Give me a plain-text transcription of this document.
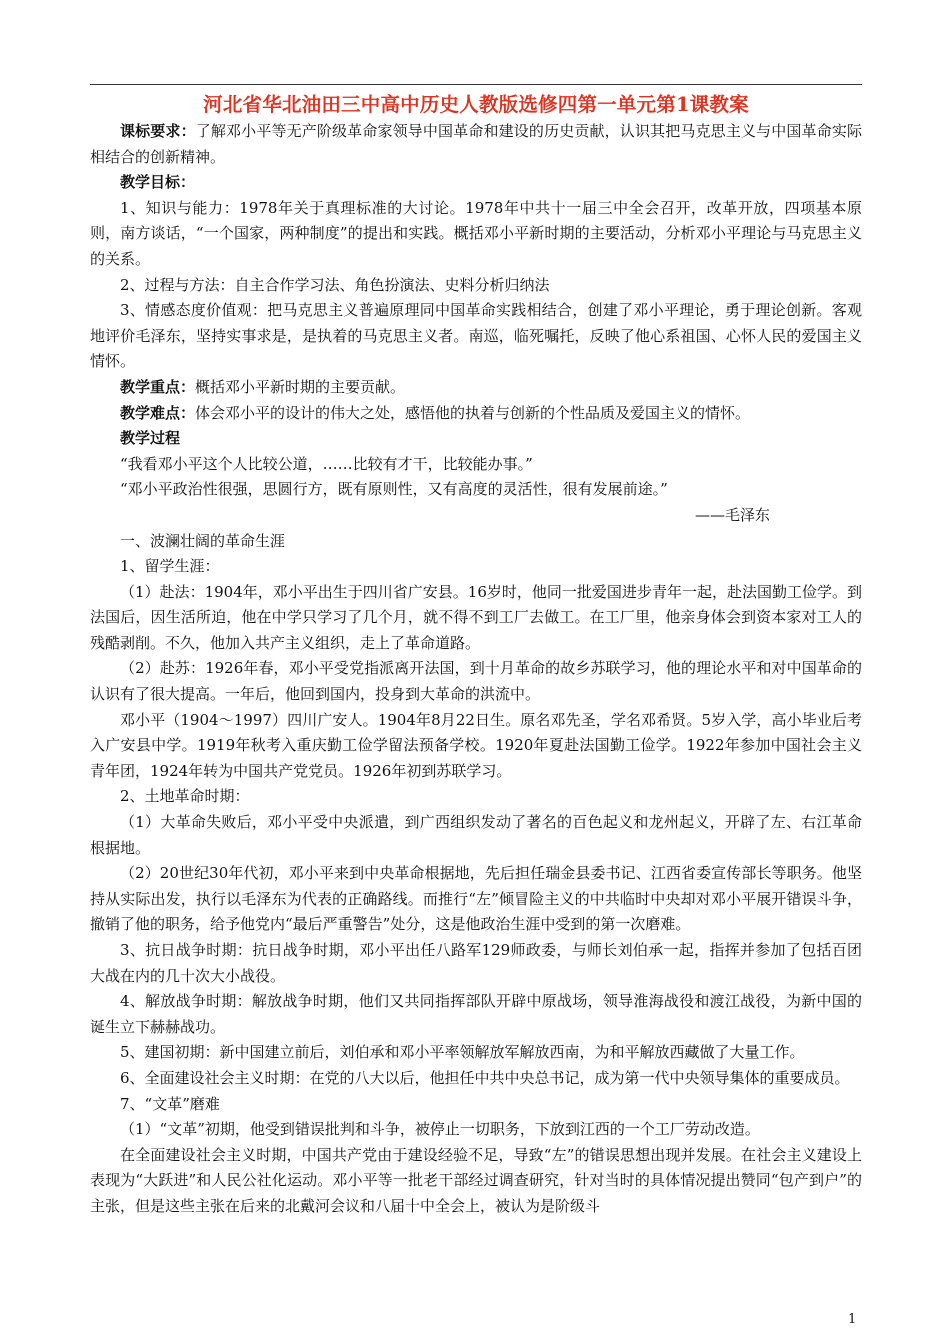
河北省华北油田三中高中历史人教版选修四第一单元第1课教案

课标要求：了解邓小平等无产阶级革命家领导中国革命和建设的历史贡献，认识其把马克思主义与中国革命实际相结合的创新精神。

教学目标：

1、知识与能力：1978年关于真理标准的大讨论。1978年中共十一届三中全会召开，改革开放，四项基本原则，南方谈话，“一个国家，两种制度”的提出和实践。概括邓小平新时期的主要活动，分析邓小平理论与马克思主义的关系。

2、过程与方法：自主合作学习法、角色扮演法、史料分析归纳法

3、情感态度价值观：把马克思主义普遍原理同中国革命实践相结合，创建了邓小平理论，勇于理论创新。客观地评价毛泽东，坚持实事求是，是执着的马克思主义者。南巡，临死嘱托，反映了他心系祖国、心怀人民的爱国主义情怀。

教学重点：概括邓小平新时期的主要贡献。

教学难点：体会邓小平的设计的伟大之处，感悟他的执着与创新的个性品质及爱国主义的情怀。

教学过程

“我看邓小平这个人比较公道，……比较有才干，比较能办事。”

“邓小平政治性很强，思圆行方，既有原则性，又有高度的灵活性，很有发展前途。”

——毛泽东

一、波澜壮阔的革命生涯

1、留学生涯：

（1）赴法：1904年，邓小平出生于四川省广安县。16岁时，他同一批爱国进步青年一起，赴法国勤工俭学。到法国后，因生活所迫，他在中学只学习了几个月，就不得不到工厂去做工。在工厂里，他亲身体会到资本家对工人的残酷剥削。不久，他加入共产主义组织，走上了革命道路。

（2）赴苏：1926年春，邓小平受党指派离开法国，到十月革命的故乡苏联学习，他的理论水平和对中国革命的认识有了很大提高。一年后，他回到国内，投身到大革命的洪流中。

邓小平（1904～1997）四川广安人。1904年8月22日生。原名邓先圣，学名邓希贤。5岁入学，高小毕业后考入广安县中学。1919年秋考入重庆勤工俭学留法预备学校。1920年夏赴法国勤工俭学。1922年参加中国社会主义青年团，1924年转为中国共产党党员。1926年初到苏联学习。

2、土地革命时期：

（1）大革命失败后，邓小平受中央派遣，到广西组织发动了著名的百色起义和龙州起义，开辟了左、右江革命根据地。

（2）20世纪30年代初，邓小平来到中央革命根据地，先后担任瑞金县委书记、江西省委宣传部长等职务。他坚持从实际出发，执行以毛泽东为代表的正确路线。而推行“左”倾冒险主义的中共临时中央却对邓小平展开错误斗争，撤销了他的职务，给予他党内“最后严重警告”处分，这是他政治生涯中受到的第一次磨难。

3、抗日战争时期：抗日战争时期，邓小平出任八路军129师政委，与师长刘伯承一起，指挥并参加了包括百团大战在内的几十次大小战役。

4、解放战争时期：解放战争时期，他们又共同指挥部队开辟中原战场，领导淮海战役和渡江战役，为新中国的诞生立下赫赫战功。

5、建国初期：新中国建立前后，刘伯承和邓小平率领解放军解放西南，为和平解放西藏做了大量工作。

6、全面建设社会主义时期：在党的八大以后，他担任中共中央总书记，成为第一代中央领导集体的重要成员。

7、“文革”磨难

（1）“文革”初期，他受到错误批判和斗争，被停止一切职务，下放到江西的一个工厂劳动改造。

在全面建设社会主义时期，中国共产党由于建设经验不足，导致“左”的错误思想出现并发展。在社会主义建设上表现为“大跃进”和人民公社化运动。邓小平等一批老干部经过调查研究，针对当时的具体情况提出赞同“包产到户”的主张，但是这些主张在后来的北戴河会议和八届十中全会上，被认为是阶级斗

1
